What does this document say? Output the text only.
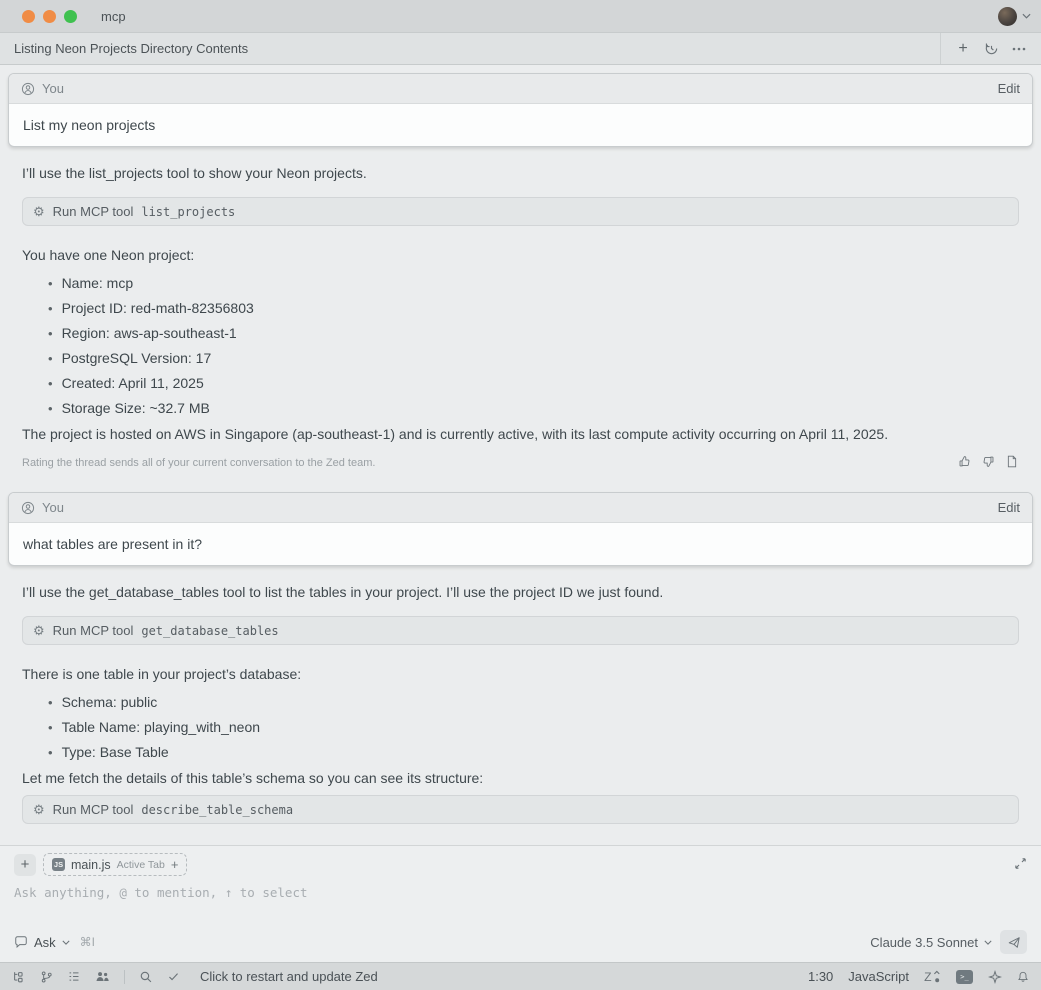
mcp
Listing Neon Projects Directory Contents	+
You	Edit
List my neon projects

I’ll use the list_projects tool to show your Neon projects.

⚙ Run MCP tool list_projects

You have one Neon project:

• Name: mcp
• Project ID: red-math-82356803
• Region: aws-ap-southeast-1
• PostgreSQL Version: 17
• Created: April 11, 2025
• Storage Size: ~32.7 MB

The project is hosted on AWS in Singapore (ap-southeast-1) and is currently active, with its last compute activity occurring on April 11, 2025.

Rating the thread sends all of your current conversation to the Zed team.
You	Edit
what tables are present in it?

I’ll use the get_database_tables tool to list the tables in your project. I’ll use the project ID we just found.

⚙ Run MCP tool get_database_tables

There is one table in your project’s database:

• Schema: public
• Table Name: playing_with_neon
• Type: Base Table

Let me fetch the details of this table’s schema so you can see its structure:

⚙ Run MCP tool describe_table_schema
+	JS main.js Active Tab +
Ask anything, @ to mention, ↑ to select
Ask ⌘I	Claude 3.5 Sonnet
Click to restart and update Zed	1:30 JavaScript Z	>_
